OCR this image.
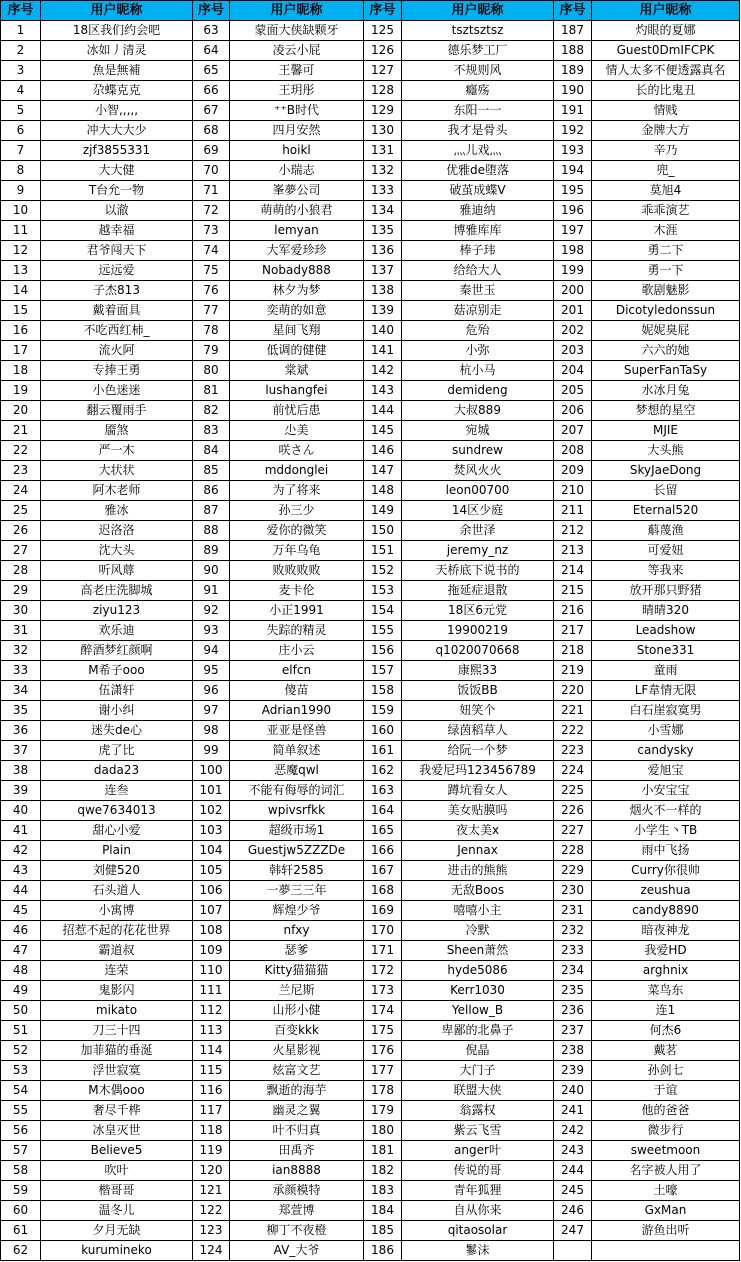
序号	用户昵称	序号	用户昵称	序号	用户昵称	序号	用户昵称
1	18区我们约会吧	63	蒙面大侠缺颗牙	125	tsztsztsz	187	灼眼的夏娜
2	冰如丿清灵	64	凌云小屁	126	德乐梦工厂	188	Guest0DmIFCPK
3	魚是無補	65	王馨可	127	不规则风	189	情人太多不便透露真名
4	尕蝶克克	66	王玥彤	128	癮殇	190	长的比鬼丑
5	小智,,,,,	67	⁺⁺B时代	129	东阳一一	191	情贱
6	冲大大大少	68	四月安然	130	我才是骨头	192	金牌大方
7	zjf3855331	69	hoikl	131	灬儿戏灬	193	辛乃
8	大大健	70	小瑞志	132	优雅de堕落	194	兜_
9	T台允一物	71	峯夢公司	133	破茧成蝶V	195	莫旭4
10	以澈	72	萌萌的小狼君	134	雅迪纳	196	乖乖演艺
11	越幸福	73	lemyan	135	博雅库库	197	木涯
12	君爷闯天下	74	大军爱珍珍	136	棒子玮	198	勇二下
13	远远爱	75	Nobady888	137	给给大人	199	勇一下
14	子杰813	76	林夕为梦	138	秦世玉	200	歌剧魅影
15	戴着面具	77	奕萌的如意	139	菇凉别走	201	Dicotyledonssun
16	不吃西红柿_	78	星间飞翔	140	危殆	202	妮妮臭屁
17	流火阿	79	低调的健健	141	小弥	203	六六的她
18	专捧王勇	80	棠斌	142	杭小马	204	SuperFanTaSy
19	小色迷迷	81	lushangfei	143	demideng	205	水冰月兔
20	翻云覆雨手	82	前忧后患	144	大叔889	206	梦想的星空
21	靥煞	83	尐美	145	宛城	207	MJIE
22	严一木	84	咲さん	146	sundrew	208	大头熊
23	大状状	85	mddonglei	147	焚风火火	209	SkyJaeDong
24	阿木老师	86	为了将来	148	leon00700	210	长留
25	雅冰	87	孙三少	149	14区少庭	211	Eternal520
26	迟洛洛	88	爱你的微笑	150	余世泽	212	蔛蔑渔
27	沈大头	89	万年乌龟	151	jeremy_nz	213	可爱妞
28	听风蓐	90	败败败败	152	天桥底下说书的	214	等我来
29	高老庄洗脚城	91	麦卡伦	153	拖延症退散	215	放开那只野猪
30	ziyu123	92	小正1991	154	18区6元党	216	晴晴320
31	欢乐迪	93	失踪的精灵	155	19900219	217	Leadshow
32	醉酒梦红颜啊	94	庄小云	156	q1020070668	218	Stone331
33	M希子ooo	95	elfcn	157	康熙33	219	童雨
34	伍潇轩	96	傻苗	158	饭饭BB	220	LF韋情无限
35	谢小纠	97	Adrian1990	159	妞笑个	221	白石崖寂寞男
36	迷失de心	98	亚亚是怪兽	160	绿茵稻草人	222	小雪娜
37	虎了比	99	简单叙述	161	给阮一个梦	223	candysky
38	dada23	100	恶魔qwl	162	我爱尼玛123456789	224	爱旭宝
39	连叁	101	不能有侮辱的词汇	163	蹲坑看女人	225	小安宝宝
40	qwe7634013	102	wpivsrfkk	164	美女贴膜吗	226	烟火不一样的
41	甜心小爱	103	超级市场1	165	夜太美x	227	小学生丶TB
42	Plain	104	Guestjw5ZZZDe	166	Jennax	228	雨中飞扬
43	刘健520	105	韩轩2585	167	进击的熊熊	229	Curry你很帅
44	石头道人	106	一夢三三年	168	无敌Boos	230	zeushua
45	小寓博	107	辉煌少爷	169	嘻嘻小主	231	candy8890
46	招惹不起的花花世界	108	nfxy	170	冷默	232	暗夜神龙
47	霸道叔	109	瑟爹	171	Sheen萧然	233	我爱HD
48	连荣	110	Kitty猫猫猫	172	hyde5086	234	arghnix
49	鬼影闪	111	兰尼斯	173	Kerr1030	235	菜鸟东
50	mikato	112	山形小健	174	Yellow_B	236	连1
51	刀三十四	113	百变kkk	175	卑鄙的北鼻子	237	何杰6
52	加菲猫的垂涎	114	火星影视	176	倪晶	238	戴茗
53	浮世寂寞	115	炫富文艺	177	大门子	239	孙剑七
54	M木偶ooo	116	飘逝的海芋	178	联盟大侠	240	于谊
55	奢尽千桦	117	幽灵之翼	179	翁露权	241	他的爸爸
56	冰皇灭世	118	叶不归真	180	紫云飞雪	242	微步行
57	Believe5	119	田禹齐	181	anger叶	243	sweetmoon
58	吹叶	120	ian8888	182	传说的哥	244	名字被人用了
59	楷哥哥	121	承颜模特	183	青年狐狸	245	土嚎
60	温冬儿	122	郑萱博	184	自从你来	246	GxMan
61	夕月无缺	123	柳丁不夜橙	185	qitaosolar	247	游鱼出听
62	kurumineko	124	AV_大爷	186	鬖沫		
